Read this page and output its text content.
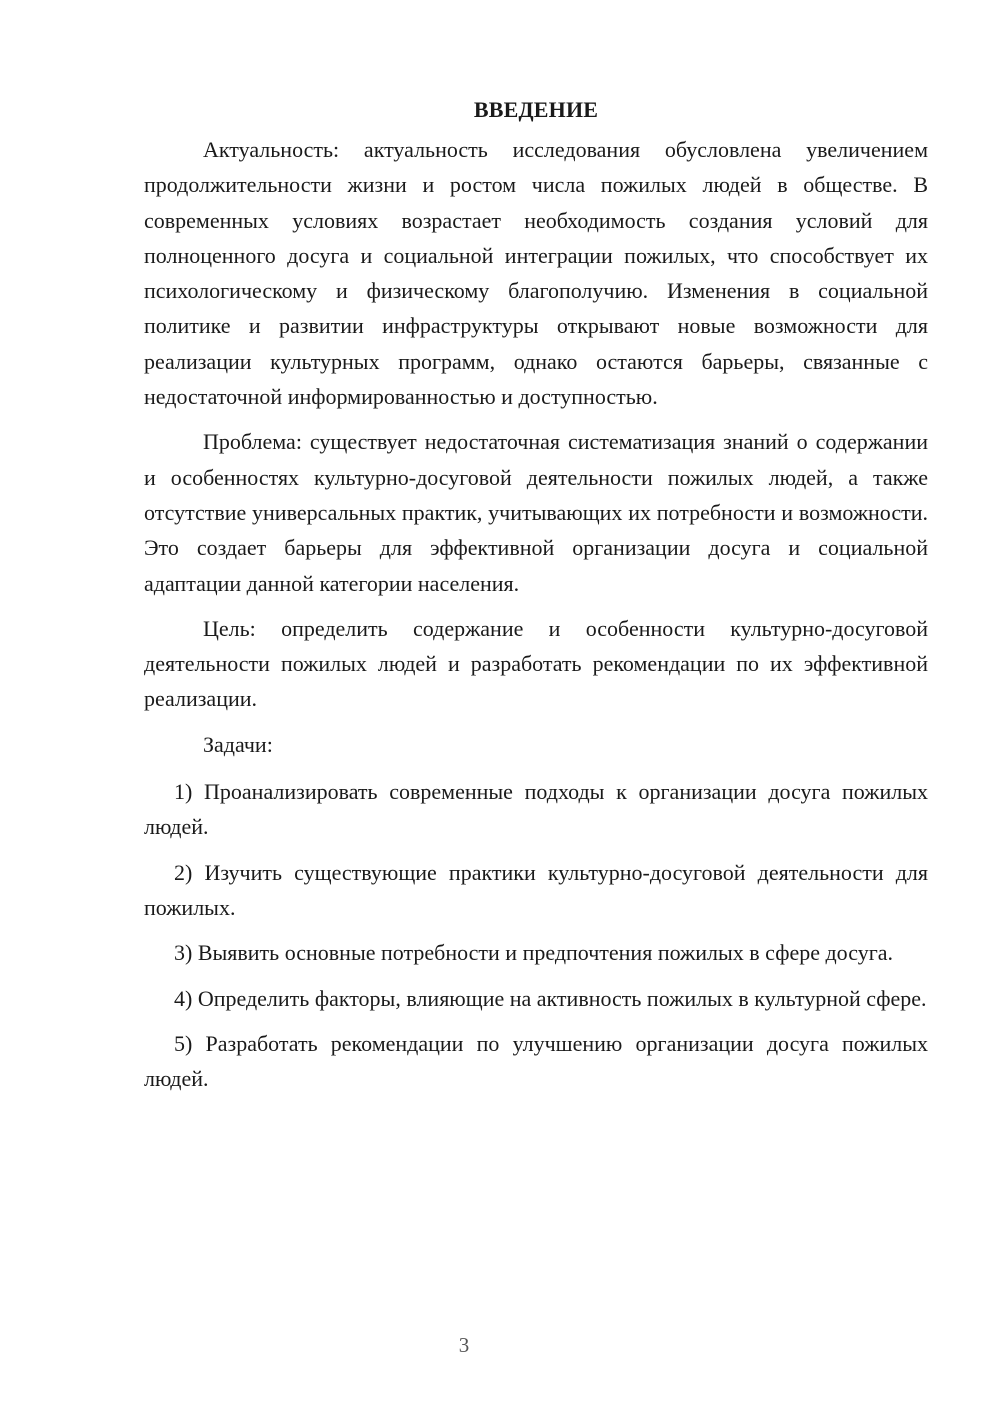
ВВЕДЕНИЕ

Актуальность: актуальность исследования обусловлена увеличением продолжительности жизни и ростом числа пожилых людей в обществе. В современных условиях возрастает необходимость создания условий для полноценного досуга и социальной интеграции пожилых, что способствует их психологическому и физическому благополучию. Изменения в социальной политике и развитии инфраструктуры открывают новые возможности для реализации культурных программ, однако остаются барьеры, связанные с недостаточной информированностью и доступностью.

Проблема: существует недостаточная систематизация знаний о содержании и особенностях культурно-досуговой деятельности пожилых людей, а также отсутствие универсальных практик, учитывающих их потребности и возможности. Это создает барьеры для эффективной организации досуга и социальной адаптации данной категории населения.

Цель: определить содержание и особенности культурно-досуговой деятельности пожилых людей и разработать рекомендации по их эффективной реализации.

Задачи:

1) Проанализировать современные подходы к организации досуга пожилых людей.

2) Изучить существующие практики культурно-досуговой деятельности для пожилых.

3) Выявить основные потребности и предпочтения пожилых в сфере досуга.

4) Определить факторы, влияющие на активность пожилых в культурной сфере.

5) Разработать рекомендации по улучшению организации досуга пожилых людей.

3
